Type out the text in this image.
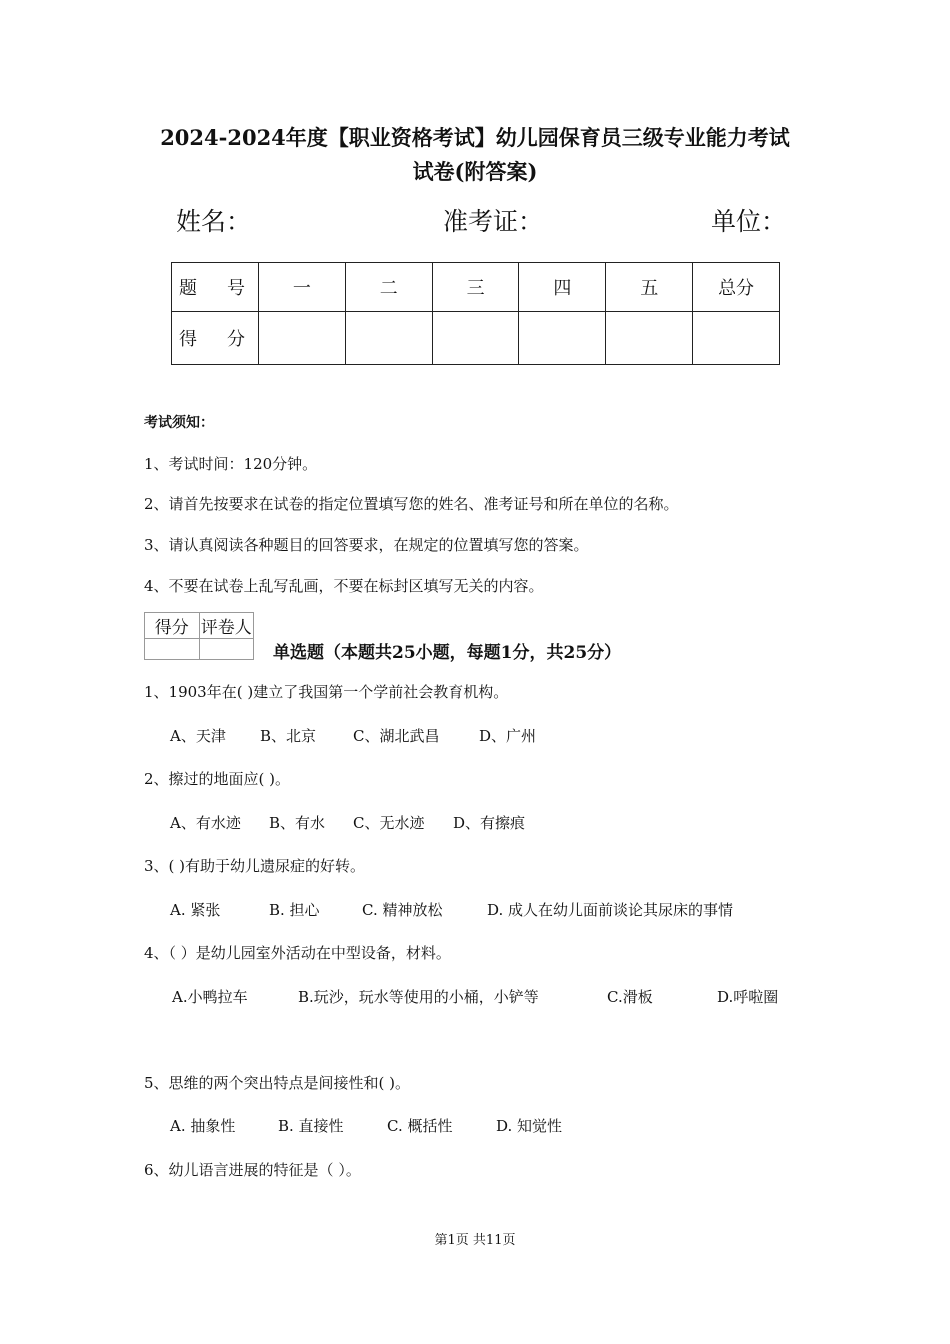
2024-2024年度【职业资格考试】幼儿园保育员三级专业能力考试
试卷(附答案)
姓名：	准考证：	单位：
题　号	一	二	三	四	五	总分
得　分						
考试须知：
1、考试时间：120分钟。
2、请首先按要求在试卷的指定位置填写您的姓名、准考证号和所在单位的名称。
3、请认真阅读各种题目的回答要求，在规定的位置填写您的答案。
4、不要在试卷上乱写乱画，不要在标封区填写无关的内容。
得分	评卷人

单选题（本题共25小题，每题1分，共25分）
1、1903年在( )建立了我国第一个学前社会教育机构。
A、天津 B、北京 C、湖北武昌	D、广州
2、擦过的地面应( )。
A、有水迹 B、有水 C、无水迹 D、有擦痕
3、( )有助于幼儿遗尿症的好转。
A. 紧张	B. 担心	C. 精神放松	D. 成人在幼儿面前谈论其尿床的事情
4、（ ）是幼儿园室外活动在中型设备，材料。
A.小鸭拉车	B.玩沙，玩水等使用的小桶，小铲等	C.滑板	D.呼啦圈
5、思维的两个突出特点是间接性和( )。
A. 抽象性	B. 直接性	C. 概括性	D. 知觉性
6、幼儿语言进展的特征是（ ）。
第1页 共11页
